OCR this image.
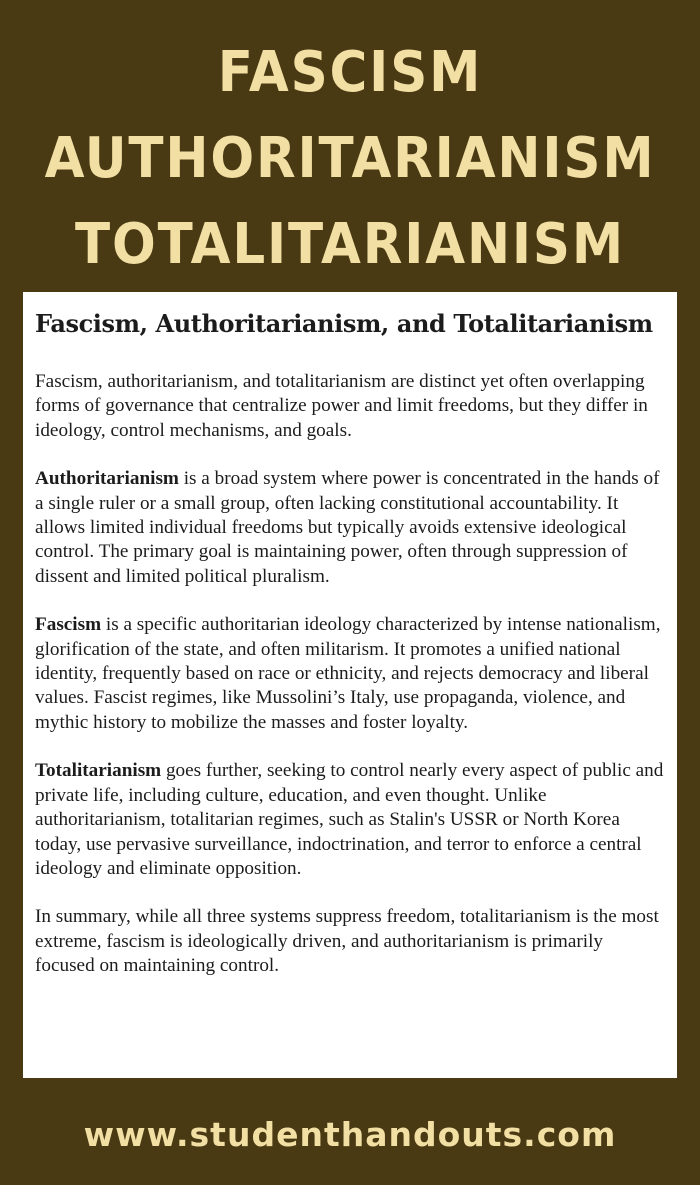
FASCISM
AUTHORITARIANISM
TOTALITARIANISM
Fascism, Authoritarianism, and Totalitarianism

Fascism, authoritarianism, and totalitarianism are distinct yet often overlapping forms of governance that centralize power and limit freedoms, but they differ in ideology, control mechanisms, and goals.

Authoritarianism is a broad system where power is concentrated in the hands of a single ruler or a small group, often lacking constitutional accountability. It allows limited individual freedoms but typically avoids extensive ideological control. The primary goal is maintaining power, often through suppression of dissent and limited political pluralism.

Fascism is a specific authoritarian ideology characterized by intense nationalism, glorification of the state, and often militarism. It promotes a unified national identity, frequently based on race or ethnicity, and rejects democracy and liberal values. Fascist regimes, like Mussolini’s Italy, use propaganda, violence, and mythic history to mobilize the masses and foster loyalty.

Totalitarianism goes further, seeking to control nearly every aspect of public and private life, including culture, education, and even thought. Unlike authoritarianism, totalitarian regimes, such as Stalin's USSR or North Korea today, use pervasive surveillance, indoctrination, and terror to enforce a central ideology and eliminate opposition.

In summary, while all three systems suppress freedom, totalitarianism is the most extreme, fascism is ideologically driven, and authoritarianism is primarily focused on maintaining control.

www.studenthandouts.com
